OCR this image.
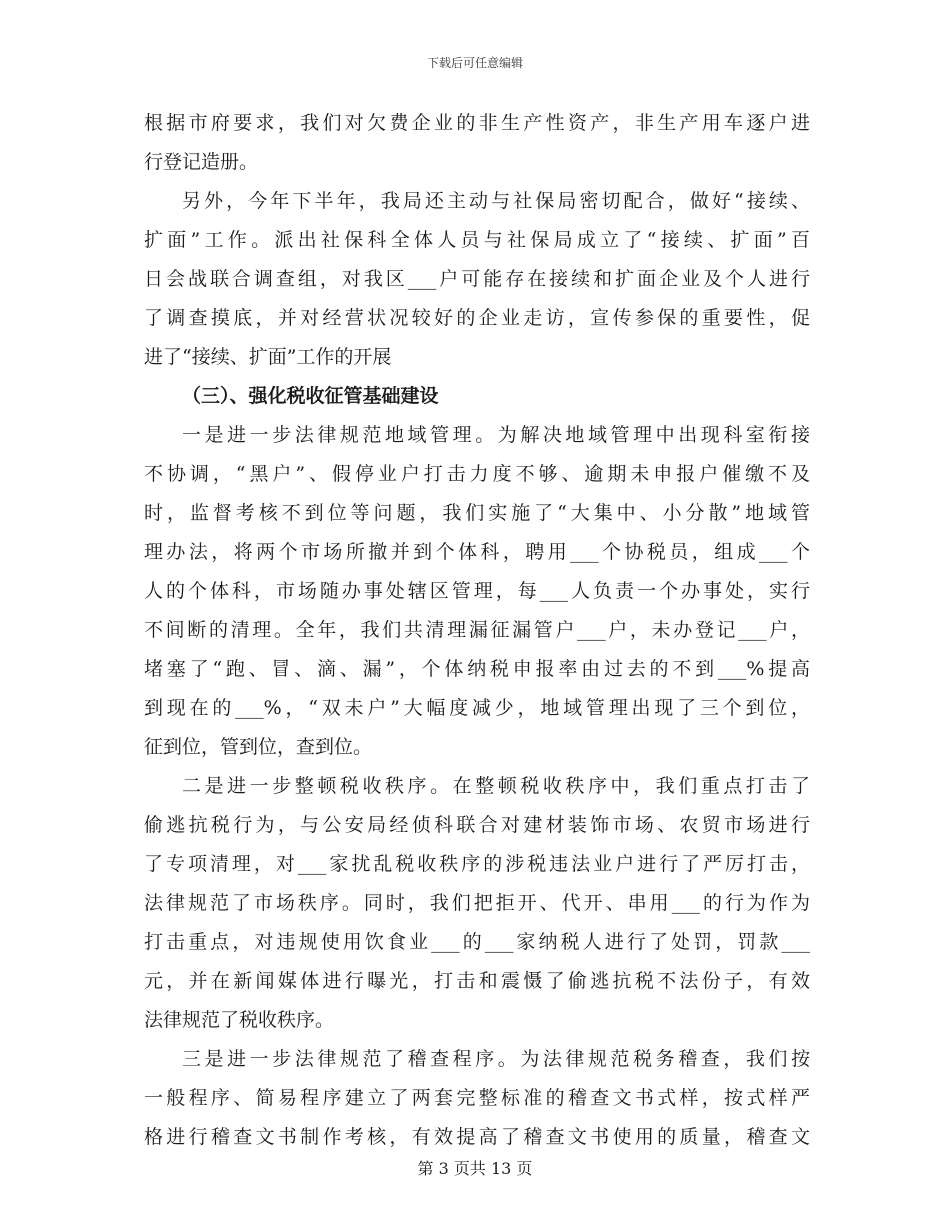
下载后可任意编辑
根据市府要求，我们对欠费企业的非生产性资产，非生产用车逐户进
行登记造册。
另外，今年下半年，我局还主动与社保局密切配合，做好“接续、
扩面”工作。派出社保科全体人员与社保局成立了“接续、扩面”百
日会战联合调查组，对我区___户可能存在接续和扩面企业及个人进行
了调查摸底，并对经营状况较好的企业走访，宣传参保的重要性，促
进了“接续、扩面”工作的开展
（三）、强化税收征管基础建设
一是进一步法律规范地域管理。为解决地域管理中出现科室衔接
不协调，“黑户”、假停业户打击力度不够、逾期未申报户催缴不及
时，监督考核不到位等问题，我们实施了“大集中、小分散”地域管
理办法，将两个市场所撤并到个体科，聘用___个协税员，组成___个
人的个体科，市场随办事处辖区管理，每___人负责一个办事处，实行
不间断的清理。全年，我们共清理漏征漏管户___户，未办登记___户，
堵塞了“跑、冒、滴、漏”，个体纳税申报率由过去的不到___%提高
到现在的___%，“双未户”大幅度减少，地域管理出现了三个到位，
征到位，管到位，查到位。
二是进一步整顿税收秩序。在整顿税收秩序中，我们重点打击了
偷逃抗税行为，与公安局经侦科联合对建材装饰市场、农贸市场进行
了专项清理，对___家扰乱税收秩序的涉税违法业户进行了严厉打击，
法律规范了市场秩序。同时，我们把拒开、代开、串用___的行为作为
打击重点，对违规使用饮食业___的___家纳税人进行了处罚，罚款___
元，并在新闻媒体进行曝光，打击和震慑了偷逃抗税不法份子，有效
法律规范了税收秩序。
三是进一步法律规范了稽查程序。为法律规范税务稽查，我们按
一般程序、简易程序建立了两套完整标准的稽查文书式样，按式样严
格进行稽查文书制作考核，有效提高了稽查文书使用的质量，稽查文
第 3 页共 13 页
